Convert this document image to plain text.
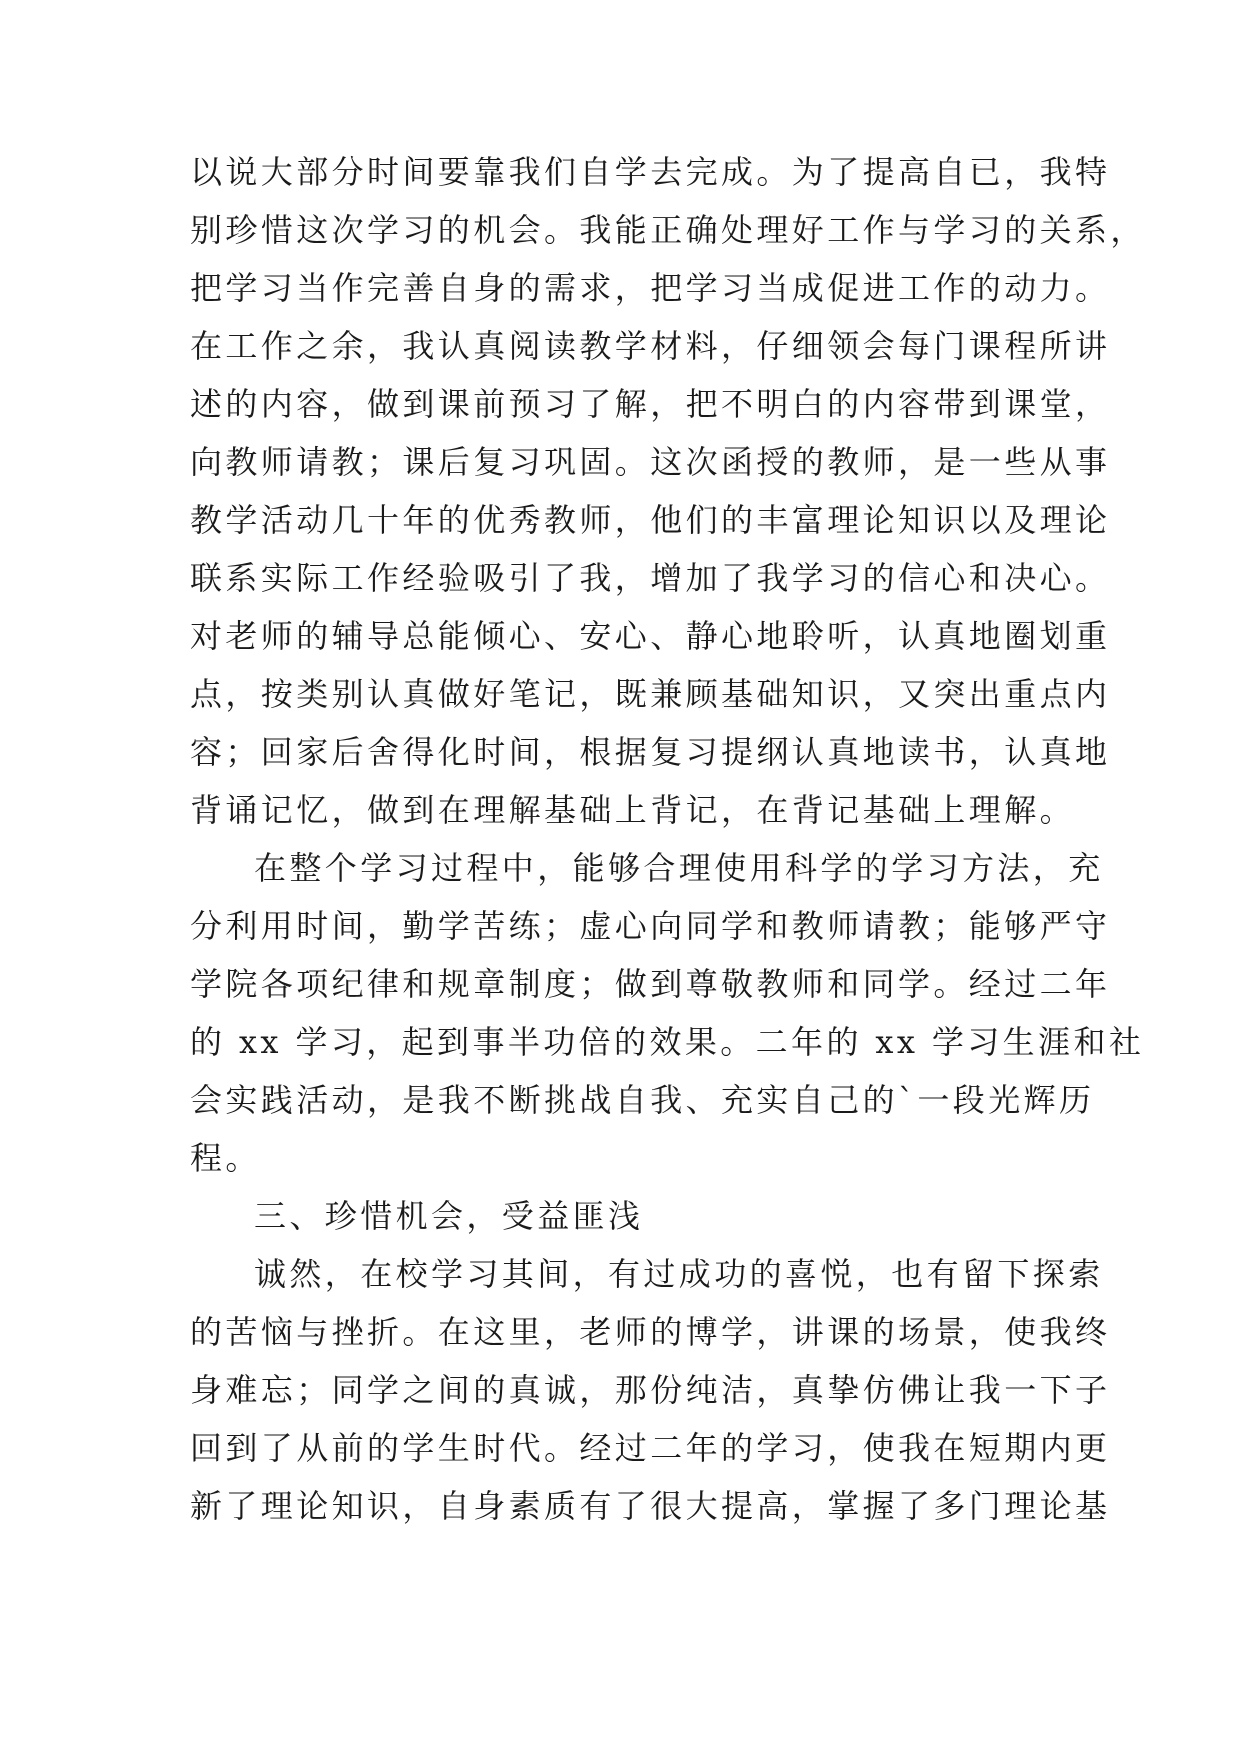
以说大部分时间要靠我们自学去完成。为了提高自已，我特
别珍惜这次学习的机会。我能正确处理好工作与学习的关系，
把学习当作完善自身的需求，把学习当成促进工作的动力。
在工作之余，我认真阅读教学材料，仔细领会每门课程所讲
述的内容，做到课前预习了解，把不明白的内容带到课堂，
向教师请教；课后复习巩固。这次函授的教师，是一些从事
教学活动几十年的优秀教师，他们的丰富理论知识以及理论
联系实际工作经验吸引了我，增加了我学习的信心和决心。
对老师的辅导总能倾心、安心、静心地聆听，认真地圈划重
点，按类别认真做好笔记，既兼顾基础知识，又突出重点内
容；回家后舍得化时间，根据复习提纲认真地读书，认真地
背诵记忆，做到在理解基础上背记，在背记基础上理解。
在整个学习过程中，能够合理使用科学的学习方法，充
分利用时间，勤学苦练；虚心向同学和教师请教；能够严守
学院各项纪律和规章制度；做到尊敬教师和同学。经过二年
的 xx 学习，起到事半功倍的效果。二年的 xx 学习生涯和社
会实践活动，是我不断挑战自我、充实自己的`一段光辉历
程。
三、珍惜机会，受益匪浅
诚然，在校学习其间，有过成功的喜悦，也有留下探索
的苦恼与挫折。在这里，老师的博学，讲课的场景，使我终
身难忘；同学之间的真诚，那份纯洁，真挚仿佛让我一下子
回到了从前的学生时代。经过二年的学习，使我在短期内更
新了理论知识，自身素质有了很大提高，掌握了多门理论基
